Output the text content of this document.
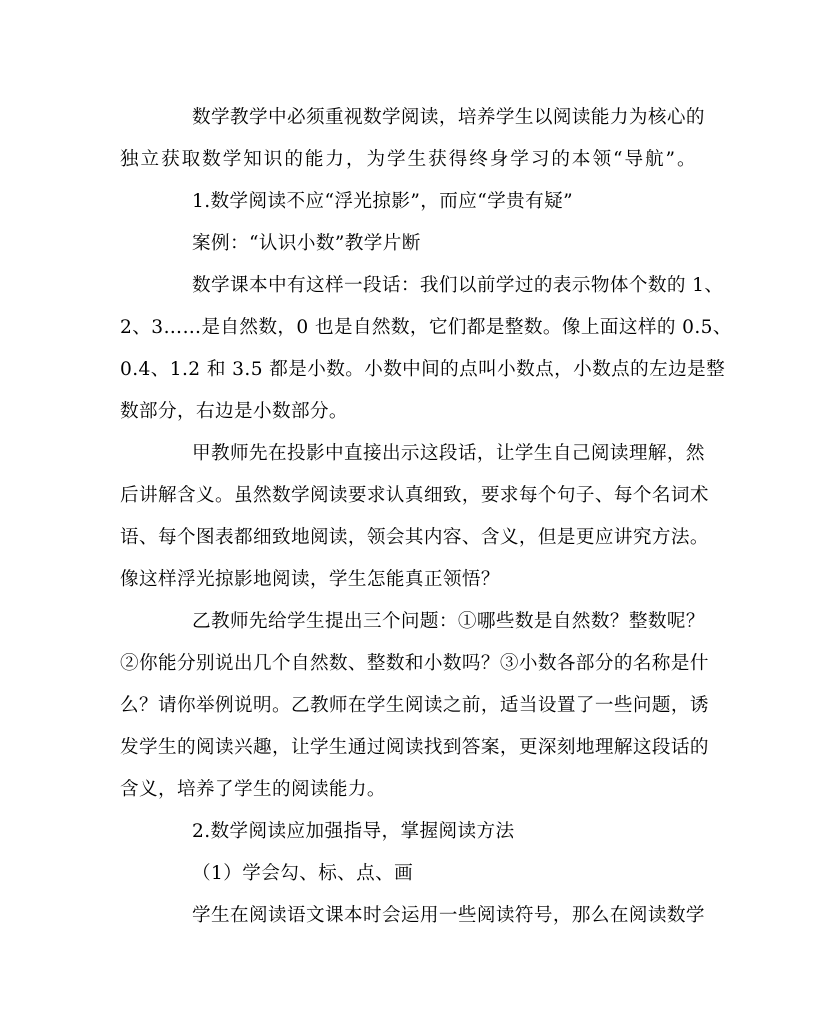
数学教学中必须重视数学阅读，培养学生以阅读能力为核心的
独立获取数学知识的能力，为学生获得终身学习的本领“导航”。
1.数学阅读不应“浮光掠影”，而应“学贵有疑”
案例：“认识小数”教学片断
数学课本中有这样一段话：我们以前学过的表示物体个数的 1、
2、3……是自然数，0 也是自然数，它们都是整数。像上面这样的 0.5、
0.4、1.2 和 3.5 都是小数。小数中间的点叫小数点，小数点的左边是整
数部分，右边是小数部分。
甲教师先在投影中直接出示这段话，让学生自己阅读理解，然
后讲解含义。虽然数学阅读要求认真细致，要求每个句子、每个名词术
语、每个图表都细致地阅读，领会其内容、含义，但是更应讲究方法。
像这样浮光掠影地阅读，学生怎能真正领悟？
乙教师先给学生提出三个问题：①哪些数是自然数？整数呢？
②你能分别说出几个自然数、整数和小数吗？③小数各部分的名称是什
么？请你举例说明。乙教师在学生阅读之前，适当设置了一些问题，诱
发学生的阅读兴趣，让学生通过阅读找到答案，更深刻地理解这段话的
含义，培养了学生的阅读能力。
2.数学阅读应加强指导，掌握阅读方法
（1）学会勾、标、点、画
学生在阅读语文课本时会运用一些阅读符号，那么在阅读数学
